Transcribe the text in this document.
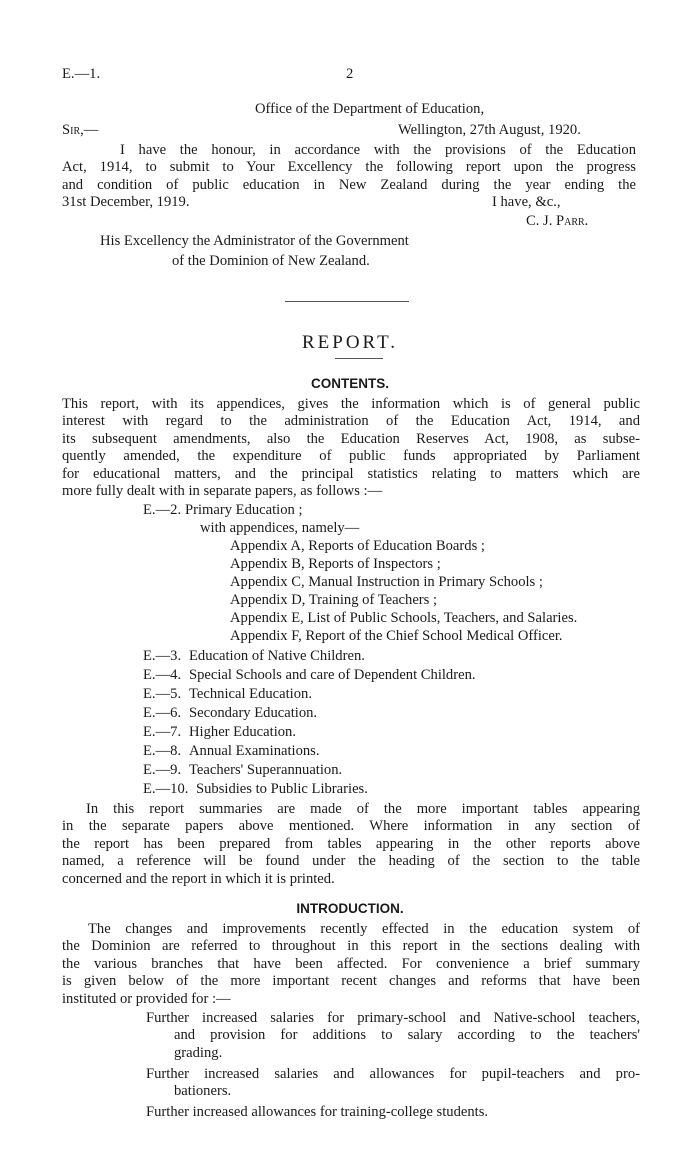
E.—1.	2
Office of the Department of Education,
Sir,—	Wellington, 27th August, 1920.
I have the honour, in accordance with the provisions of the Education
Act, 1914, to submit to Your Excellency the following report upon the progress
and condition of public education in New Zealand during the year ending the
31st December, 1919.	I have, &c.,
C. J. Parr.
His Excellency the Administrator of the Government
of the Dominion of New Zealand.
REPORT.
CONTENTS.
This report, with its appendices, gives the information which is of general public
interest with regard to the administration of the Education Act, 1914, and
its subsequent amendments, also the Education Reserves Act, 1908, as subse-
quently amended, the expenditure of public funds appropriated by Parliament
for educational matters, and the principal statistics relating to matters which are
more fully dealt with in separate papers, as follows :—
E.—2. Primary Education ;
with appendices, namely—
Appendix A, Reports of Education Boards ;
Appendix B, Reports of Inspectors ;
Appendix C, Manual Instruction in Primary Schools ;
Appendix D, Training of Teachers ;
Appendix E, List of Public Schools, Teachers, and Salaries.
Appendix F, Report of the Chief School Medical Officer.
E.—3. Education of Native Children.
E.—4. Special Schools and care of Dependent Children.
E.—5. Technical Education.
E.—6. Secondary Education.
E.—7. Higher Education.
E.—8. Annual Examinations.
E.—9. Teachers' Superannuation.
E.—10. Subsidies to Public Libraries.
In this report summaries are made of the more important tables appearing
in the separate papers above mentioned. Where information in any section of
the report has been prepared from tables appearing in the other reports above
named, a reference will be found under the heading of the section to the table
concerned and the report in which it is printed.
INTRODUCTION.
The changes and improvements recently effected in the education system of
the Dominion are referred to throughout in this report in the sections dealing with
the various branches that have been affected. For convenience a brief summary
is given below of the more important recent changes and reforms that have been
instituted or provided for :—
Further increased salaries for primary-school and Native-school teachers,
and provision for additions to salary according to the teachers'
grading.
Further increased salaries and allowances for pupil-teachers and pro-
bationers.
Further increased allowances for training-college students.
